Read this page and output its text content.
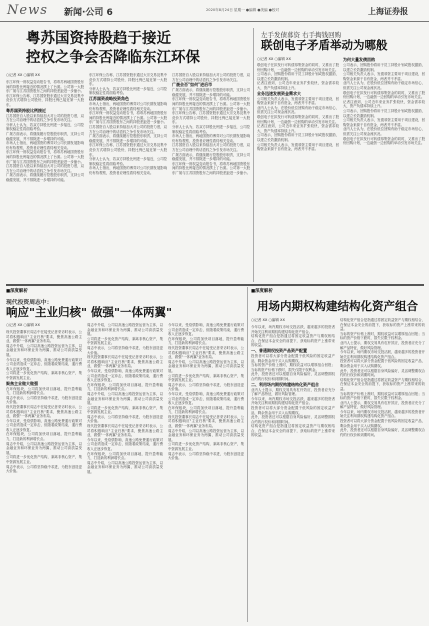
News 新闻·公司 6	2020年8月24日 星期一 ●编辑 ●美编 ●校对	上海证券报
粤苏国资持股趋于接近
控权之争会否降临东江环保
○记者 XX ○编辑 XX

东江环保一则权益变动报告书，将粤苏两地国资股东间的持股比例接近的情况摆上了台面。公司第一大股东广晟与江苏国资股东之间的持股差距进一步缩小。

东江环保公告称，江苏国资股东通过大宗交易及集中竞价方式增持公司股份，持股比例已接近第一大股东。

粤苏国资持股比例接近

江苏国资自入股以来持续加大对公司的投资力度，双方在公司治理中的话语权之争引发市场关注。

分析人士认为，若双方持股比例进一步接近，公司控制权稳定性将面临考验。

广晟方面表示，将继续履行控股股东职责，支持公司稳健发展，并不排除进一步增持的可能。

市场人士指出，两地国资的博弈对公司长期发展影响仍有待观察，投资者应理性看待相关变动。

东江环保一则权益变动报告书，将粤苏两地国资股东间的持股比例接近的情况摆上了台面。公司第一大股东广晟与江苏国资股东之间的持股差距进一步缩小。

江苏国资自入股以来持续加大对公司的投资力度，双方在公司治理中的话语权之争引发市场关注。

广晟方面表示，将继续履行控股股东职责，支持公司稳健发展，并不排除进一步增持的可能。

东江环保公告称，江苏国资股东通过大宗交易及集中竞价方式增持公司股份，持股比例已接近第一大股东。

分析人士认为，若双方持股比例进一步接近，公司控制权稳定性将面临考验。

江苏国资战略投资角色

市场人士指出，两地国资的博弈对公司长期发展影响仍有待观察，投资者应理性看待相关变动。

东江环保一则权益变动报告书，将粤苏两地国资股东间的持股比例接近的情况摆上了台面。公司第一大股东广晟与江苏国资股东之间的持股差距进一步缩小。

江苏国资自入股以来持续加大对公司的投资力度，双方在公司治理中的话语权之争引发市场关注。

广晟方面表示，将继续履行控股股东职责，支持公司稳健发展，并不排除进一步增持的可能。

东江环保公告称，江苏国资股东通过大宗交易及集中竞价方式增持公司股份，持股比例已接近第一大股东。

分析人士认为，若双方持股比例进一步接近，公司控制权稳定性将面临考验。

市场人士指出，两地国资的博弈对公司长期发展影响仍有待观察，投资者应理性看待相关变动。

江苏国资自入股以来持续加大对公司的投资力度，双方在公司治理中的话语权之争引发市场关注。

广晟会否"如何"进后市

广晟方面表示，将继续履行控股股东职责，支持公司稳健发展，并不排除进一步增持的可能。

东江环保一则权益变动报告书，将粤苏两地国资股东间的持股比例接近的情况摆上了台面。公司第一大股东广晟与江苏国资股东之间的持股差距进一步缩小。

东江环保公告称，江苏国资股东通过大宗交易及集中竞价方式增持公司股份，持股比例已接近第一大股东。

分析人士认为，若双方持股比例进一步接近，公司控制权稳定性将面临考验。

市场人士指出，两地国资的博弈对公司长期发展影响仍有待观察，投资者应理性看待相关变动。

江苏国资自入股以来持续加大对公司的投资力度，双方在公司治理中的话语权之争引发市场关注。

广晟方面表示，将继续履行控股股东职责，支持公司稳健发展，并不排除进一步增持的可能。

东江环保一则权益变动报告书，将粤苏两地国资股东间的持股比例接近的情况摆上了台面。公司第一大股东广晟与江苏国资股东之间的持股差距进一步缩小。

左手发债募资 右手掏钱回购
联创电子矛盾举动为哪般
○记者 XX ○编辑 XX

联创电子在拟发行可转债募集资金的同时，又推出了股份回购计划，一边融资一边回购的举动引发市场关注。

公司表示，回购股份将用于员工持股计划或股权激励，以建立长效激励机制。

记者注意到，公司近年来业务扩张较快，资金需求较大，资产负债率持续上升。

业务迅速发展资金需求大

公司相关负责人表示，发债募资主要用于项目建设，回购资金来源于自有资金，两者并不矛盾。

业内人士认为，在股价低位回购有助于稳定市场信心，但需关注公司现金流状况。

联创电子在拟发行可转债募集资金的同时，又推出了股份回购计划，一边融资一边回购的举动引发市场关注。

记者注意到，公司近年来业务扩张较快，资金需求较大，资产负债率持续上升。

公司表示，回购股份将用于员工持股计划或股权激励，以建立长效激励机制。

公司相关负责人表示，发债募资主要用于项目建设，回购资金来源于自有资金，两者并不矛盾。

为何大量发债回购

公司表示，回购股份将用于员工持股计划或股权激励，以建立长效激励机制。

公司相关负责人表示，发债募资主要用于项目建设，回购资金来源于自有资金，两者并不矛盾。

业内人士认为，在股价低位回购有助于稳定市场信心，但需关注公司现金流状况。

联创电子在拟发行可转债募集资金的同时，又推出了股份回购计划，一边融资一边回购的举动引发市场关注。

记者注意到，公司近年来业务扩张较快，资金需求较大，资产负债率持续上升。

公司表示，回购股份将用于员工持股计划或股权激励，以建立长效激励机制。

公司相关负责人表示，发债募资主要用于项目建设，回购资金来源于自有资金，两者并不矛盾。

业内人士认为，在股价低位回购有助于稳定市场信心，但需关注公司现金流状况。

联创电子在拟发行可转债募集资金的同时，又推出了股份回购计划，一边融资一边回购的举动引发市场关注。

■深度解析
现代投资周志中：
响应"主业归核" 做强"一体两翼"
○记者 XX ○编辑 XX

现代投资董事长周志中在接受记者采访时表示，公司将积极响应"主业归核"要求，聚焦高速公路主业，做强"一体两翼"业务布局。

周志中介绍，公司以高速公路投资运营为主体，以金融业务和环保业务为两翼，推动公司高质量发展。

今年以来，受疫情影响，高速公路免费通行政策对公司业绩造成一定冲击，但随着政策结束，通行费收入正逐步恢复。

公司将进一步优化资产结构，剥离非核心资产，集中资源发展主业。

聚焦主业做大做强

在环保板块，公司将加快项目落地，提升盈利能力，打造新的利润增长点。

周志中表示，公司将坚持稳中求进，为股东创造更大价值。

现代投资董事长周志中在接受记者采访时表示，公司将积极响应"主业归核"要求，聚焦高速公路主业，做强"一体两翼"业务布局。

今年以来，受疫情影响，高速公路免费通行政策对公司业绩造成一定冲击，但随着政策结束，通行费收入正逐步恢复。

在环保板块，公司将加快项目落地，提升盈利能力，打造新的利润增长点。

周志中介绍，公司以高速公路投资运营为主体，以金融业务和环保业务为两翼，推动公司高质量发展。

公司将进一步优化资产结构，剥离非核心资产，集中资源发展主业。

周志中表示，公司将坚持稳中求进，为股东创造更大价值。

周志中介绍，公司以高速公路投资运营为主体，以金融业务和环保业务为两翼，推动公司高质量发展。

公司将进一步优化资产结构，剥离非核心资产，集中资源发展主业。

周志中表示，公司将坚持稳中求进，为股东创造更大价值。

现代投资董事长周志中在接受记者采访时表示，公司将积极响应"主业归核"要求，聚焦高速公路主业，做强"一体两翼"业务布局。

今年以来，受疫情影响，高速公路免费通行政策对公司业绩造成一定冲击，但随着政策结束，通行费收入正逐步恢复。

在环保板块，公司将加快项目落地，提升盈利能力，打造新的利润增长点。

周志中介绍，公司以高速公路投资运营为主体，以金融业务和环保业务为两翼，推动公司高质量发展。

公司将进一步优化资产结构，剥离非核心资产，集中资源发展主业。

周志中表示，公司将坚持稳中求进，为股东创造更大价值。

现代投资董事长周志中在接受记者采访时表示，公司将积极响应"主业归核"要求，聚焦高速公路主业，做强"一体两翼"业务布局。

今年以来，受疫情影响，高速公路免费通行政策对公司业绩造成一定冲击，但随着政策结束，通行费收入正逐步恢复。

在环保板块，公司将加快项目落地，提升盈利能力，打造新的利润增长点。

周志中介绍，公司以高速公路投资运营为主体，以金融业务和环保业务为两翼，推动公司高质量发展。

今年以来，受疫情影响，高速公路免费通行政策对公司业绩造成一定冲击，但随着政策结束，通行费收入正逐步恢复。

在环保板块，公司将加快项目落地，提升盈利能力，打造新的利润增长点。

现代投资董事长周志中在接受记者采访时表示，公司将积极响应"主业归核"要求，聚焦高速公路主业，做强"一体两翼"业务布局。

周志中介绍，公司以高速公路投资运营为主体，以金融业务和环保业务为两翼，推动公司高质量发展。

公司将进一步优化资产结构，剥离非核心资产，集中资源发展主业。

周志中表示，公司将坚持稳中求进，为股东创造更大价值。

今年以来，受疫情影响，高速公路免费通行政策对公司业绩造成一定冲击，但随着政策结束，通行费收入正逐步恢复。

在环保板块，公司将加快项目落地，提升盈利能力，打造新的利润增长点。

现代投资董事长周志中在接受记者采访时表示，公司将积极响应"主业归核"要求，聚焦高速公路主业，做强"一体两翼"业务布局。

周志中介绍，公司以高速公路投资运营为主体，以金融业务和环保业务为两翼，推动公司高质量发展。

公司将进一步优化资产结构，剥离非核心资产，集中资源发展主业。

周志中表示，公司将坚持稳中求进，为股东创造更大价值。

■深度解析
用场内期权构建结构化资产组合
○记者 XX ○编辑 XX

今年以来，场内期权市场交投活跃，越来越多的投资者开始关注利用期权构建结构化资产组合。

结构化资产组合是指通过将固定收益资产与期权相结合，在保证本金安全的前提下，获取标的资产上涨带来的收益。

一、普通期权投资产品资产配置

投资者可以将大部分资金配置于低风险的固定收益产品，剩余资金用于买入认购期权。

当标的资产价格上涨时，期权收益可以增厚组合回报；当标的资产价格下跌时，损失仅限于权利金。

此外，投资者还可以根据自身风险偏好，灵活调整期权合约的行权价和到期时间。

二、利用场内期权构建结构化资产组合

业内人士提示，期权交易具有杠杆效应，投资者应充分了解产品特征，做好风险管理。

今年以来，场内期权市场交投活跃，越来越多的投资者开始关注利用期权构建结构化资产组合。

投资者可以将大部分资金配置于低风险的固定收益产品，剩余资金用于买入认购期权。

此外，投资者还可以根据自身风险偏好，灵活调整期权合约的行权价和到期时间。

结构化资产组合是指通过将固定收益资产与期权相结合，在保证本金安全的前提下，获取标的资产上涨带来的收益。

结构化资产组合是指通过将固定收益资产与期权相结合，在保证本金安全的前提下，获取标的资产上涨带来的收益。

当标的资产价格上涨时，期权收益可以增厚组合回报；当标的资产价格下跌时，损失仅限于权利金。

业内人士提示，期权交易具有杠杆效应，投资者应充分了解产品特征，做好风险管理。

今年以来，场内期权市场交投活跃，越来越多的投资者开始关注利用期权构建结构化资产组合。

投资者可以将大部分资金配置于低风险的固定收益产品，剩余资金用于买入认购期权。

此外，投资者还可以根据自身风险偏好，灵活调整期权合约的行权价和到期时间。

结构化资产组合是指通过将固定收益资产与期权相结合，在保证本金安全的前提下，获取标的资产上涨带来的收益。

当标的资产价格上涨时，期权收益可以增厚组合回报；当标的资产价格下跌时，损失仅限于权利金。

业内人士提示，期权交易具有杠杆效应，投资者应充分了解产品特征，做好风险管理。

今年以来，场内期权市场交投活跃，越来越多的投资者开始关注利用期权构建结构化资产组合。

投资者可以将大部分资金配置于低风险的固定收益产品，剩余资金用于买入认购期权。

此外，投资者还可以根据自身风险偏好，灵活调整期权合约的行权价和到期时间。
